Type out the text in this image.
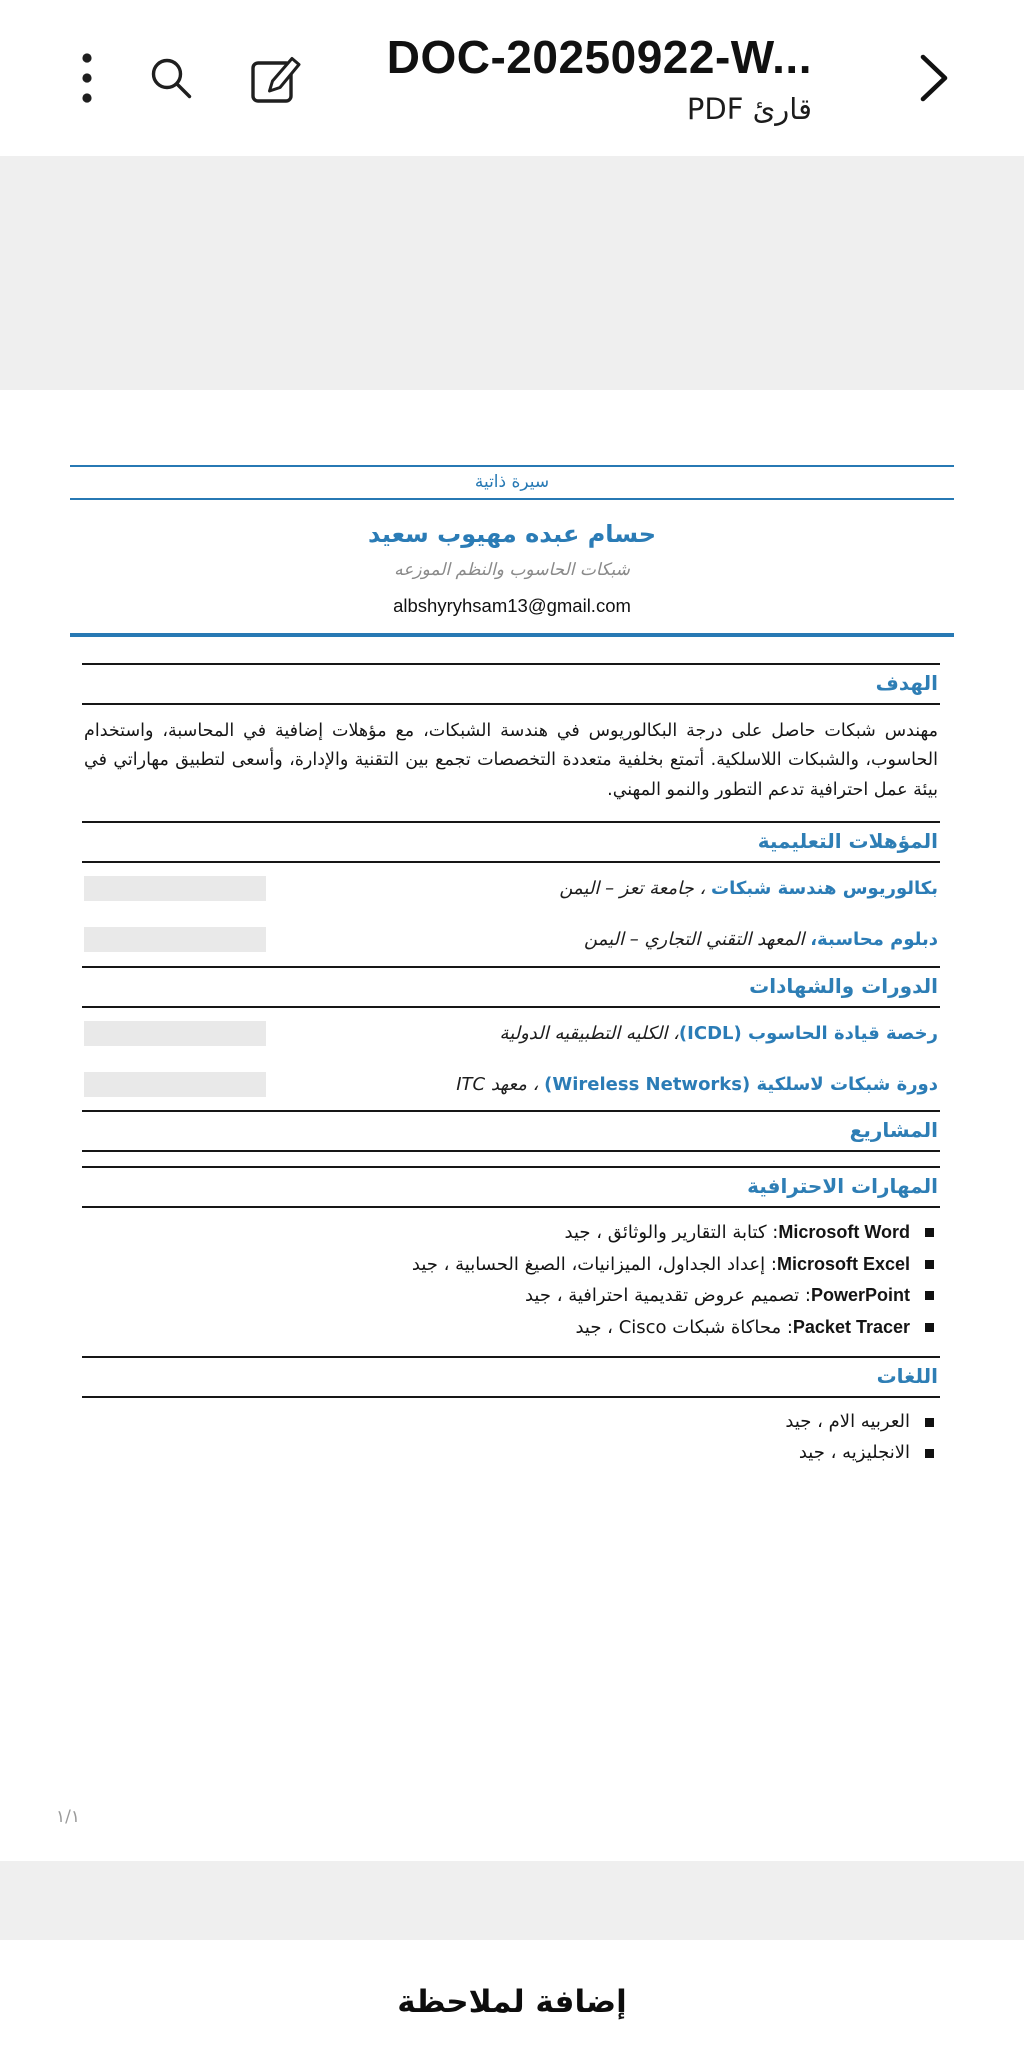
DOC-20250922-W...
قارئ PDF
سيرة ذاتية
حسام عبده مهيوب سعيد
شبكات الحاسوب والنظم الموزعه
albshyryhsam13@gmail.com
الهدف

مهندس شبكات حاصل على درجة البكالوريوس في هندسة الشبكات، مع مؤهلات إضافية في المحاسبة، واستخدام الحاسوب، والشبكات اللاسلكية. أتمتع بخلفية متعددة التخصصات تجمع بين التقنية والإدارة، وأسعى لتطبيق مهاراتي في بيئة عمل احترافية تدعم التطور والنمو المهني.

المؤهلات التعليمية
بكالوريوس هندسة شبكات ، جامعة تعز – اليمن
دبلوم محاسبة، المعهد التقني التجاري – اليمن
الدورات والشهادات
رخصة قيادة الحاسوب (ICDL)، الكليه التطبيقيه الدولية
دورة شبكات لاسلكية (Wireless Networks) ، معهد ITC
المشاريع
المهارات الاحترافية
Microsoft Word: كتابة التقارير والوثائق ، جيد
Microsoft Excel: إعداد الجداول، الميزانيات، الصيغ الحسابية ، جيد
PowerPoint: تصميم عروض تقديمية احترافية ، جيد
Packet Tracer: محاكاة شبكات Cisco ، جيد
اللغات
العربيه الام ، جيد
الانجليزيه ، جيد
١/١
إضافة لملاحظة
